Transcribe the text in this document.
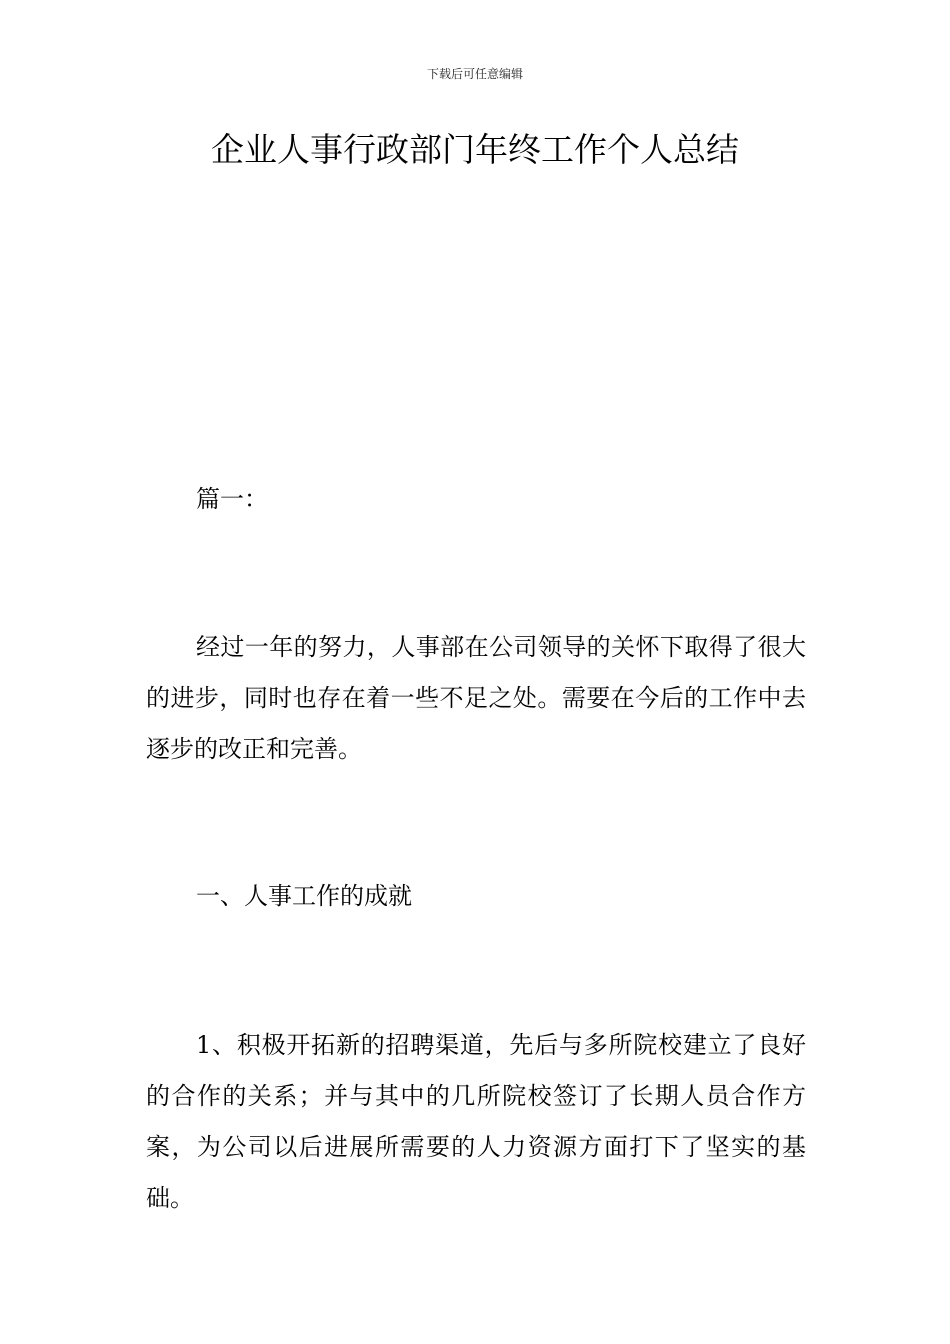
下载后可任意编辑
企业人事行政部门年终工作个人总结

篇一：

经过一年的努力，人事部在公司领导的关怀下取得了很大的进步，同时也存在着一些不足之处。需要在今后的工作中去逐步的改正和完善。

一、人事工作的成就

1、积极开拓新的招聘渠道，先后与多所院校建立了良好的合作的关系；并与其中的几所院校签订了长期人员合作方案，为公司以后进展所需要的人力资源方面打下了坚实的基础。
